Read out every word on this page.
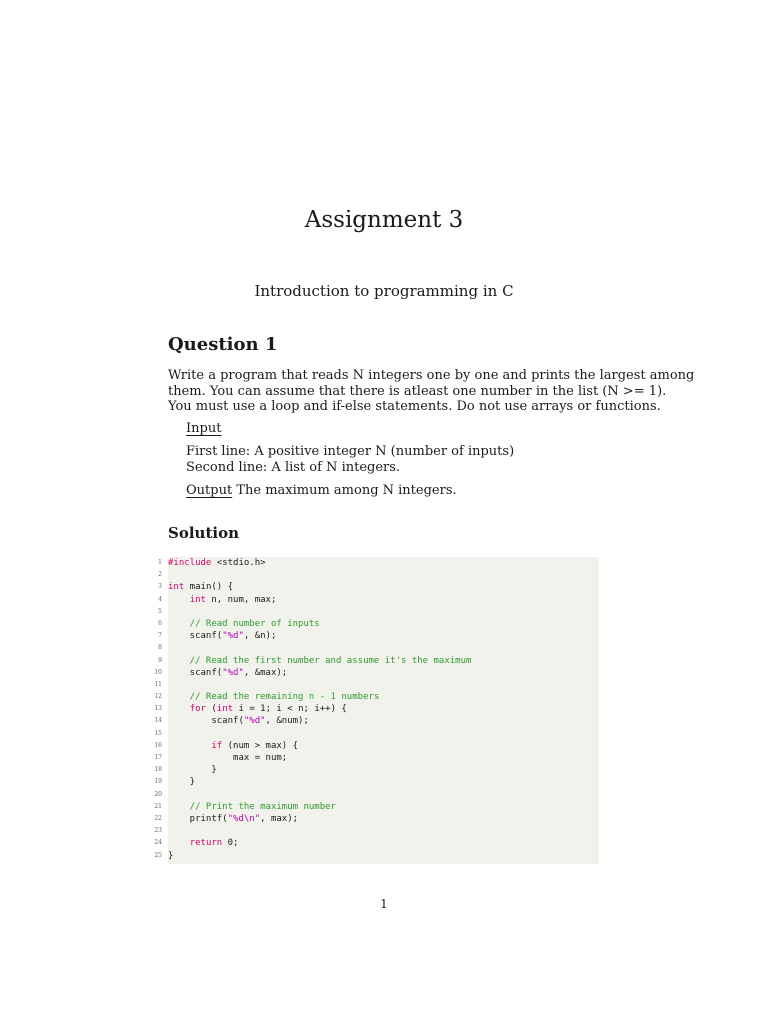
Assignment 3
Introduction to programming in C
Question 1
Write a program that reads N integers one by one and prints the largest among
them. You can assume that there is atleast one number in the list (N >= 1).
You must use a loop and if-else statements. Do not use arrays or functions.
Input
First line: A positive integer N (number of inputs)
Second line: A list of N integers.
Output The maximum among N integers.
Solution
1 #include <stdio.h>
2
3 int main() {
4	int n, num, max;
5
6 // Read number of inputs
7 scanf("%d", &n);
8
9 // Read the first number and assume it's the maximum
10 scanf("%d", &max);
11
12 // Read the remaining n - 1 numbers
13	for (int i = 1; i < n; i++) {
14 scanf("%d", &num);
15
16	if (num > max) {
17 max = num;
18 }
19 }
20
21 // Print the maximum number
22 printf("%d\n", max);
23
24	return 0;
25 }
1
